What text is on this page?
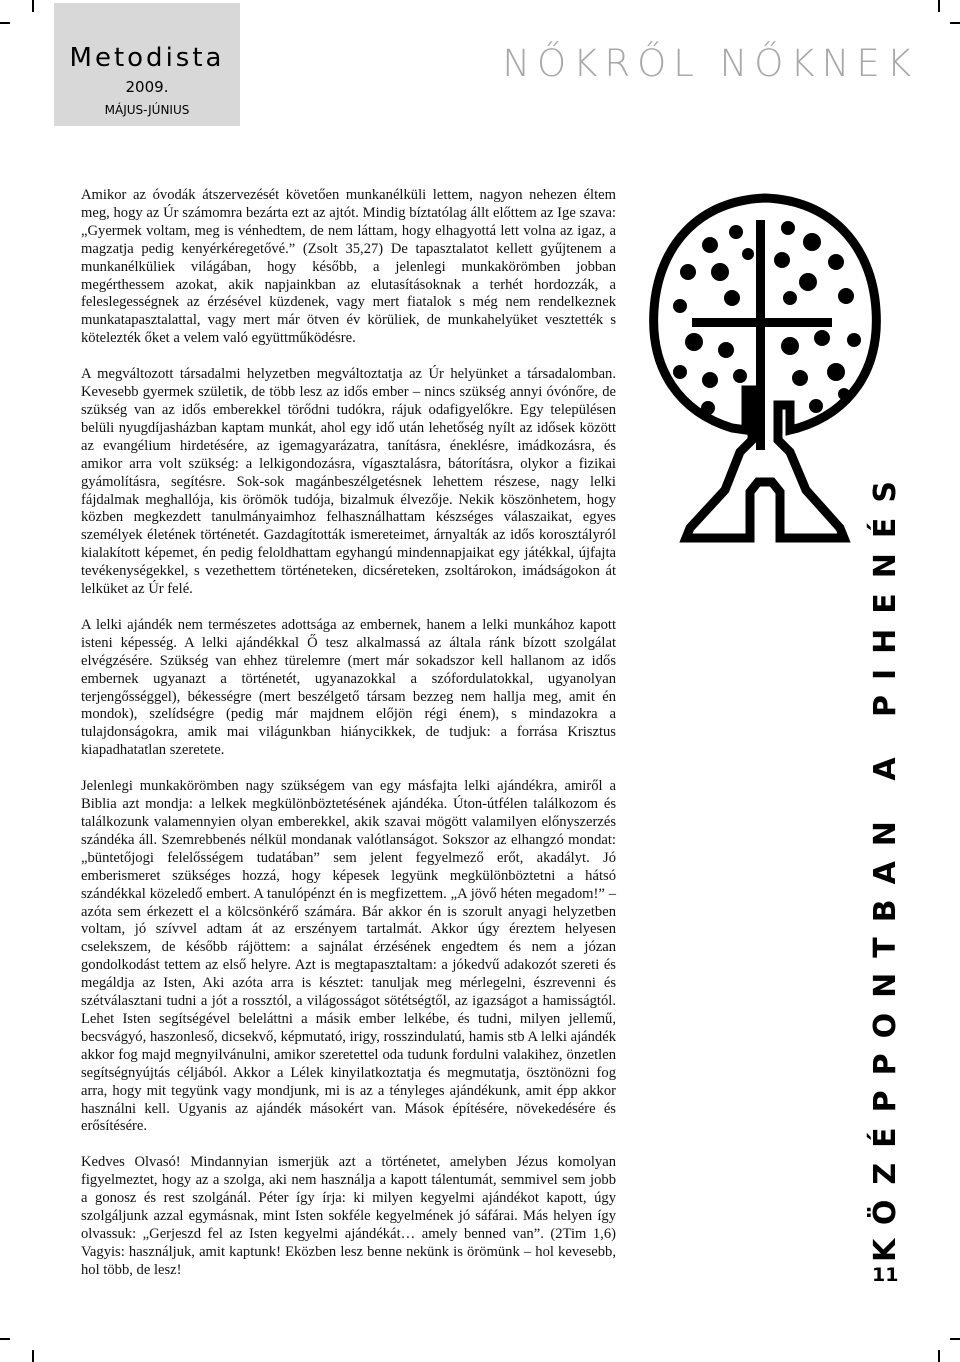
Metodista
2009.
MÁJUS-JÚNIUS
NŐKRŐL NŐKNEK

Amikor az óvodák átszervezését követően munkanélküli lettem, nagyon nehezen éltem meg, hogy az Úr számomra bezárta ezt az ajtót. Mindig bíztatólag állt előttem az Ige szava: „Gyermek voltam, meg is vénhedtem, de nem láttam, hogy elhagyottá lett volna az igaz, a magzatja pedig kenyérkéregetővé.” (Zsolt 35,27) De tapasztalatot kellett gyűjtenem a munkanélküliek világában, hogy később, a jelenlegi munkakörömben jobban megérthessem azokat, akik napjainkban az elutasításoknak a terhét hordozzák, a feleslegességnek az érzésével küzdenek, vagy mert fiatalok s még nem rendelkeznek munkatapasztalattal, vagy mert már ötven év körüliek, de munkahelyüket vesztették s kötelezték őket a velem való együttműködésre.

A megváltozott társadalmi helyzetben megváltoztatja az Úr helyünket a társadalomban. Kevesebb gyermek születik, de több lesz az idős ember – nincs szükség annyi óvónőre, de szükség van az idős emberekkel törődni tudókra, rájuk odafigyelőkre. Egy településen belüli nyugdíjasházban kaptam munkát, ahol egy idő után lehetőség nyílt az idősek között az evangélium hirdetésére, az igemagyarázatra, tanításra, éneklésre, imádkozásra, és amikor arra volt szükség: a lelkigondozásra, vígasztalásra, bátorításra, olykor a fizikai gyámolításra, segítésre. Sok-sok magánbeszélgetésnek lehettem részese, nagy lelki fájdalmak meghallója, kis örömök tudója, bizalmuk élvezője. Nekik köszönhetem, hogy közben megkezdett tanulmányaimhoz felhasználhattam készséges válaszaikat, egyes személyek életének történetét. Gazdagították ismereteimet, árnyalták az idős korosztályról kialakított képemet, én pedig feloldhattam egyhangú mindennapjaikat egy játékkal, újfajta tevékenységekkel, s vezethettem történeteken, dicséreteken, zsoltárokon, imádságokon át lelküket az Úr felé.

A lelki ajándék nem természetes adottsága az embernek, hanem a lelki munkához kapott isteni képesség. A lelki ajándékkal Ő tesz alkalmassá az általa ránk bízott szolgálat elvégzésére. Szükség van ehhez türelemre (mert már sokadszor kell hallanom az idős embernek ugyanazt a történetét, ugyanazokkal a szófordulatokkal, ugyanolyan terjengősséggel), békességre (mert beszélgető társam bezzeg nem hallja meg, amit én mondok), szelídségre (pedig már majdnem előjön régi énem), s mindazokra a tulajdonságokra, amik mai világunkban hiánycikkek, de tudjuk: a forrása Krisztus kiapadhatatlan szeretete.

Jelenlegi munkakörömben nagy szükségem van egy másfajta lelki ajándékra, amiről a Biblia azt mondja: a lelkek megkülönböztetésének ajándéka. Úton-útfélen találkozom és találkozunk valamennyien olyan emberekkel, akik szavai mögött valamilyen előnyszerzés szándéka áll. Szemrebbenés nélkül mondanak valótlanságot. Sokszor az elhangzó mondat: „büntetőjogi felelősségem tudatában” sem jelent fegyelmező erőt, akadályt. Jó emberismeret szükséges hozzá, hogy képesek legyünk megkülönböztetni a hátsó szándékkal közeledő embert. A tanulópénzt én is megfizettem. „A jövő héten megadom!” – azóta sem érkezett el a kölcsönkérő számára. Bár akkor én is szorult anyagi helyzetben voltam, jó szívvel adtam át az erszényem tartalmát. Akkor úgy éreztem helyesen cselekszem, de később rájöttem: a sajnálat érzésének engedtem és nem a józan gondolkodást tettem az első helyre. Azt is megtapasztaltam: a jókedvű adakozót szereti és megáldja az Isten, Aki azóta arra is késztet: tanuljak meg mérlegelni, észrevenni és szétválasztani tudni a jót a rossztól, a világosságot sötétségtől, az igazságot a hamisságtól. Lehet Isten segítségével beleláttni a másik ember lelkébe, és tudni, milyen jellemű, becsvágyó, haszonleső, dicsekvő, képmutató, irigy, rosszindulatú, hamis stb A lelki ajándék akkor fog majd megnyilvánulni, amikor szeretettel oda tudunk fordulni valakihez, önzetlen segítségnyújtás céljából. Akkor a Lélek kinyilatkoztatja és megmutatja, ösztönözni fog arra, hogy mit tegyünk vagy mondjunk, mi is az a tényleges ajándékunk, amit épp akkor használni kell. Ugyanis az ajándék másokért van. Mások építésére, növekedésére és erősítésére.

Kedves Olvasó! Mindannyian ismerjük azt a történetet, amelyben Jézus komolyan figyelmeztet, hogy az a szolga, aki nem használja a kapott tálentumát, semmivel sem jobb a gonosz és rest szolgánál. Péter így írja: ki milyen kegyelmi ajándékot kapott, úgy szolgáljunk azzal egymásnak, mint Isten sokféle kegyelmének jó sáfárai. Más helyen így olvassuk: „Gerjeszd fel az Isten kegyelmi ajándékát… amely benned van”. (2Tim 1,6) Vagyis: használjuk, amit kaptunk! Eközben lesz benne nekünk is örömünk – hol kevesebb, hol több, de lesz!

KÖZÉPPONTBAN A PIHENÉS
11
